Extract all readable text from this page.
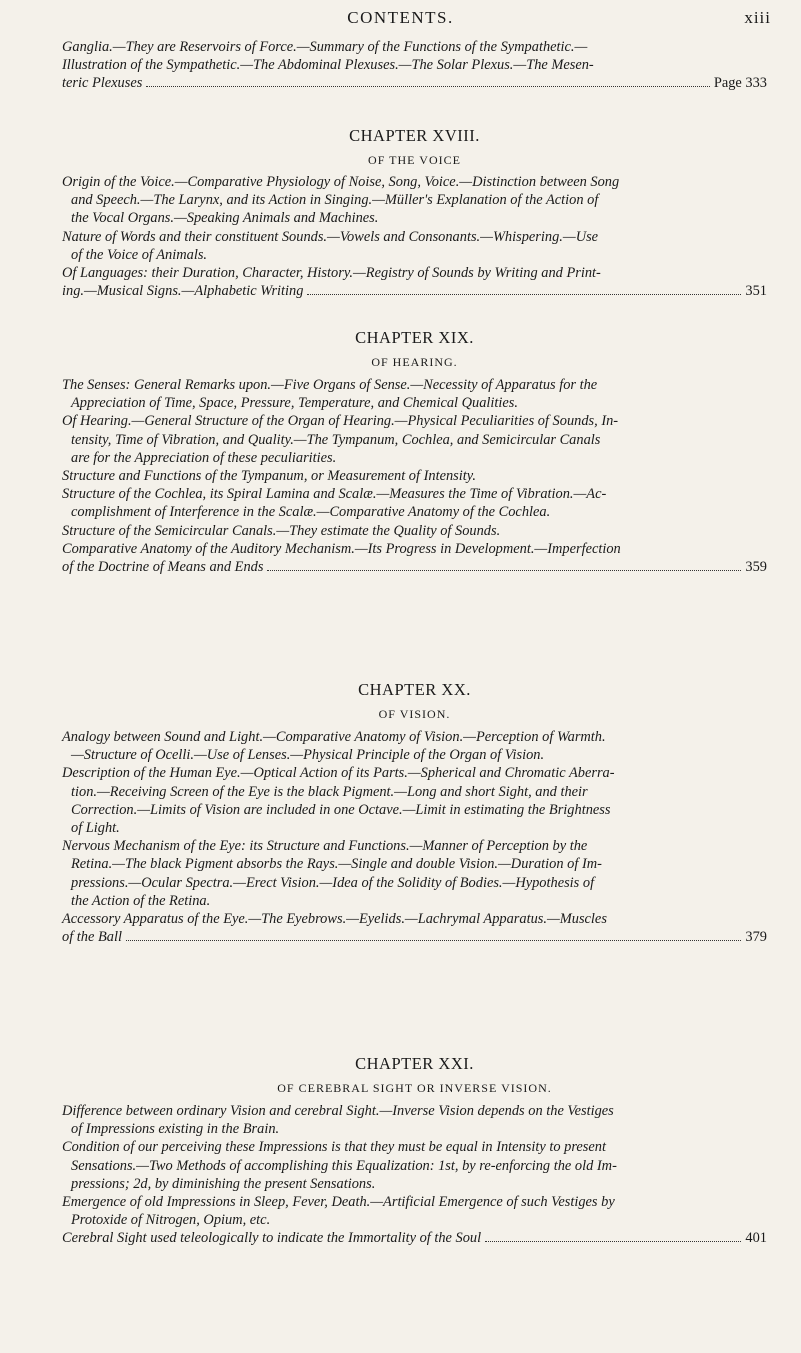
CONTENTS.	xiii
Ganglia.—They are Reservoirs of Force.—Summary of the Functions of the Sympathetic.—
Illustration of the Sympathetic.—The Abdominal Plexuses.—The Solar Plexus.—The Mesen-
teric Plexuses	Page 333
CHAPTER XVIII.
OF THE VOICE
Origin of the Voice.—Comparative Physiology of Noise, Song, Voice.—Distinction between Song
and Speech.—The Larynx, and its Action in Singing.—Müller's Explanation of the Action of
the Vocal Organs.—Speaking Animals and Machines.
Nature of Words and their constituent Sounds.—Vowels and Consonants.—Whispering.—Use
of the Voice of Animals.
Of Languages: their Duration, Character, History.—Registry of Sounds by Writing and Print-
ing.—Musical Signs.—Alphabetic Writing	351
CHAPTER XIX.
OF HEARING.
The Senses: General Remarks upon.—Five Organs of Sense.—Necessity of Apparatus for the
Appreciation of Time, Space, Pressure, Temperature, and Chemical Qualities.
Of Hearing.—General Structure of the Organ of Hearing.—Physical Peculiarities of Sounds, In-
tensity, Time of Vibration, and Quality.—The Tympanum, Cochlea, and Semicircular Canals
are for the Appreciation of these peculiarities.
Structure and Functions of the Tympanum, or Measurement of Intensity.
Structure of the Cochlea, its Spiral Lamina and Scalæ.—Measures the Time of Vibration.—Ac-
complishment of Interference in the Scalæ.—Comparative Anatomy of the Cochlea.
Structure of the Semicircular Canals.—They estimate the Quality of Sounds.
Comparative Anatomy of the Auditory Mechanism.—Its Progress in Development.—Imperfection
of the Doctrine of Means and Ends	359
CHAPTER XX.
OF VISION.
Analogy between Sound and Light.—Comparative Anatomy of Vision.—Perception of Warmth.
—Structure of Ocelli.—Use of Lenses.—Physical Principle of the Organ of Vision.
Description of the Human Eye.—Optical Action of its Parts.—Spherical and Chromatic Aberra-
tion.—Receiving Screen of the Eye is the black Pigment.—Long and short Sight, and their
Correction.—Limits of Vision are included in one Octave.—Limit in estimating the Brightness
of Light.
Nervous Mechanism of the Eye: its Structure and Functions.—Manner of Perception by the
Retina.—The black Pigment absorbs the Rays.—Single and double Vision.—Duration of Im-
pressions.—Ocular Spectra.—Erect Vision.—Idea of the Solidity of Bodies.—Hypothesis of
the Action of the Retina.
Accessory Apparatus of the Eye.—The Eyebrows.—Eyelids.—Lachrymal Apparatus.—Muscles
of the Ball	379
CHAPTER XXI.
OF CEREBRAL SIGHT OR INVERSE VISION.
Difference between ordinary Vision and cerebral Sight.—Inverse Vision depends on the Vestiges
of Impressions existing in the Brain.
Condition of our perceiving these Impressions is that they must be equal in Intensity to present
Sensations.—Two Methods of accomplishing this Equalization: 1st, by re-enforcing the old Im-
pressions; 2d, by diminishing the present Sensations.
Emergence of old Impressions in Sleep, Fever, Death.—Artificial Emergence of such Vestiges by
Protoxide of Nitrogen, Opium, etc.
Cerebral Sight used teleologically to indicate the Immortality of the Soul	401
